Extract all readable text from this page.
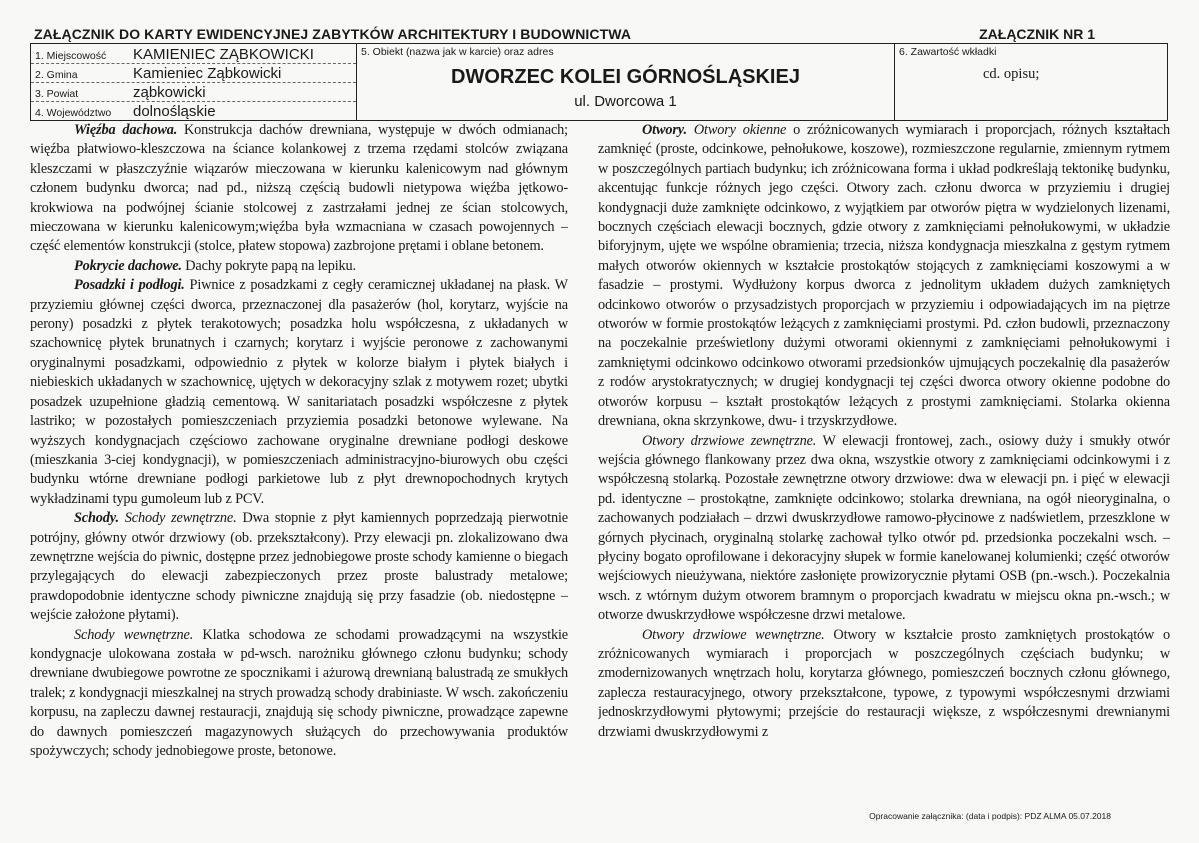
ZAŁĄCZNIK DO KARTY EWIDENCYJNEJ ZABYTKÓW ARCHITEKTURY I BUDOWNICTWA	ZAŁĄCZNIK NR 1
1. Miejscowość KAMIENIEC ZĄBKOWICKI
2. Gmina	Kamieniec Ząbkowicki
3. Powiat	ząbkowicki
4. Województwo dolnośląskie
5. Obiekt (nazwa jak w karcie) oraz adres
DWORZEC KOLEI GÓRNOŚLĄSKIEJ
ul. Dworcowa 1
6. Zawartość wkładki
cd. opisu;

Więźba dachowa. Konstrukcja dachów drewniana, występuje w dwóch odmianach; więźba płatwiowo-kleszczowa na ściance kolankowej z trzema rzędami stolców związana kleszczami w płaszczyźnie wiązarów mieczowana w kierunku kalenicowym nad głównym członem budynku dworca; nad pd., niższą częścią budowli nietypowa więźba jętkowo-krokwiowa na podwójnej ścianie stolcowej z zastrzałami jednej ze ścian stolcowych, mieczowana w kierunku kalenicowym;więźba była wzmacniana w czasach powojennych – część elementów konstrukcji (stolce, płatew stopowa) zazbrojone prętami i oblane betonem.

Pokrycie dachowe. Dachy pokryte papą na lepiku.

Posadzki i podłogi. Piwnice z posadzkami z cegły ceramicznej układanej na płask. W przyziemiu głównej części dworca, przeznaczonej dla pasażerów (hol, korytarz, wyjście na perony) posadzki z płytek terakotowych; posadzka holu współczesna, z układanych w szachownicę płytek brunatnych i czarnych; korytarz i wyjście peronowe z zachowanymi oryginalnymi posadzkami, odpowiednio z płytek w kolorze białym i płytek białych i niebieskich układanych w szachownicę, ujętych w dekoracyjny szlak z motywem rozet; ubytki posadzek uzupełnione gładzią cementową. W sanitariatach posadzki współczesne z płytek lastriko; w pozostałych pomieszczeniach przyziemia posadzki betonowe wylewane. Na wyższych kondygnacjach częściowo zachowane oryginalne drewniane podłogi deskowe (mieszkania 3-ciej kondygnacji), w pomieszczeniach administracyjno-biurowych obu części budynku wtórne drewniane podłogi parkietowe lub z płyt drewnopochodnych krytych wykładzinami typu gumoleum lub z PCV.

Schody. Schody zewnętrzne. Dwa stopnie z płyt kamiennych poprzedzają pierwotnie potrójny, główny otwór drzwiowy (ob. przekształcony). Przy elewacji pn. zlokalizowano dwa zewnętrzne wejścia do piwnic, dostępne przez jednobiegowe proste schody kamienne o biegach przylegających do elewacji zabezpieczonych przez proste balustrady metalowe; prawdopodobnie identyczne schody piwniczne znajdują się przy fasadzie (ob. niedostępne – wejście założone płytami).

Schody wewnętrzne. Klatka schodowa ze schodami prowadzącymi na wszystkie kondygnacje ulokowana została w pd-wsch. narożniku głównego członu budynku; schody drewniane dwubiegowe powrotne ze spocznikami i ażurową drewnianą balustradą ze smukłych tralek; z kondygnacji mieszkalnej na strych prowadzą schody drabiniaste. W wsch. zakończeniu korpusu, na zapleczu dawnej restauracji, znajdują się schody piwniczne, prowadzące zapewne do dawnych pomieszczeń magazynowych służących do przechowywania produktów spożywczych; schody jednobiegowe proste, betonowe.

Otwory. Otwory okienne o zróżnicowanych wymiarach i proporcjach, różnych kształtach zamknięć (proste, odcinkowe, pełnołukowe, koszowe), rozmieszczone regularnie, zmiennym rytmem w poszczególnych partiach budynku; ich zróżnicowana forma i układ podkreślają tektonikę budynku, akcentując funkcje różnych jego części. Otwory zach. członu dworca w przyziemiu i drugiej kondygnacji duże zamknięte odcinkowo, z wyjątkiem par otworów piętra w wydzielonych lizenami, bocznych częściach elewacji bocznych, gdzie otwory z zamknięciami pełnołukowymi, w układzie biforyjnym, ujęte we wspólne obramienia; trzecia, niższa kondygnacja mieszkalna z gęstym rytmem małych otworów okiennych w kształcie prostokątów stojących z zamknięciami koszowymi a w fasadzie – prostymi. Wydłużony korpus dworca z jednolitym układem dużych zamkniętych odcinkowo otworów o przysadzistych proporcjach w przyziemiu i odpowiadających im na piętrze otworów w formie prostokątów leżących z zamknięciami prostymi. Pd. człon budowli, przeznaczony na poczekalnie prześwietlony dużymi otworami okiennymi z zamknięciami pełnołukowymi i zamkniętymi odcinkowo odcinkowo otworami przedsionków ujmujących poczekalnię dla pasażerów z rodów arystokratycznych; w drugiej kondygnacji tej części dworca otwory okienne podobne do otworów korpusu – kształt prostokątów leżących z prostymi zamknięciami. Stolarka okienna drewniana, okna skrzynkowe, dwu- i trzyskrzydłowe.

Otwory drzwiowe zewnętrzne. W elewacji frontowej, zach., osiowy duży i smukły otwór wejścia głównego flankowany przez dwa okna, wszystkie otwory z zamknięciami odcinkowymi i z współczesną stolarką. Pozostałe zewnętrzne otwory drzwiowe: dwa w elewacji pn. i pięć w elewacji pd. identyczne – prostokątne, zamknięte odcinkowo; stolarka drewniana, na ogół nieoryginalna, o zachowanych podziałach – drzwi dwuskrzydłowe ramowo-płycinowe z nadświetlem, przeszklone w górnych płycinach, oryginalną stolarkę zachował tylko otwór pd. przedsionka poczekalni wsch. – płyciny bogato oprofilowane i dekoracyjny słupek w formie kanelowanej kolumienki; część otworów wejściowych nieużywana, niektóre zasłonięte prowizorycznie płytami OSB (pn.-wsch.). Poczekalnia wsch. z wtórnym dużym otworem bramnym o proporcjach kwadratu w miejscu okna pn.-wsch.; w otworze dwuskrzydłowe współczesne drzwi metalowe.

Otwory drzwiowe wewnętrzne. Otwory w kształcie prosto zamkniętych prostokątów o zróżnicowanych wymiarach i proporcjach w poszczególnych częściach budynku; w zmodernizowanych wnętrzach holu, korytarza głównego, pomieszczeń bocznych członu głównego, zaplecza restauracyjnego, otwory przekształcone, typowe, z typowymi współczesnymi drzwiami jednoskrzydłowymi płytowymi; przejście do restauracji większe, z współczesnymi drewnianymi drzwiami dwuskrzydłowymi z

Opracowanie załącznika: (data i podpis): PDZ ALMA 05.07.2018
